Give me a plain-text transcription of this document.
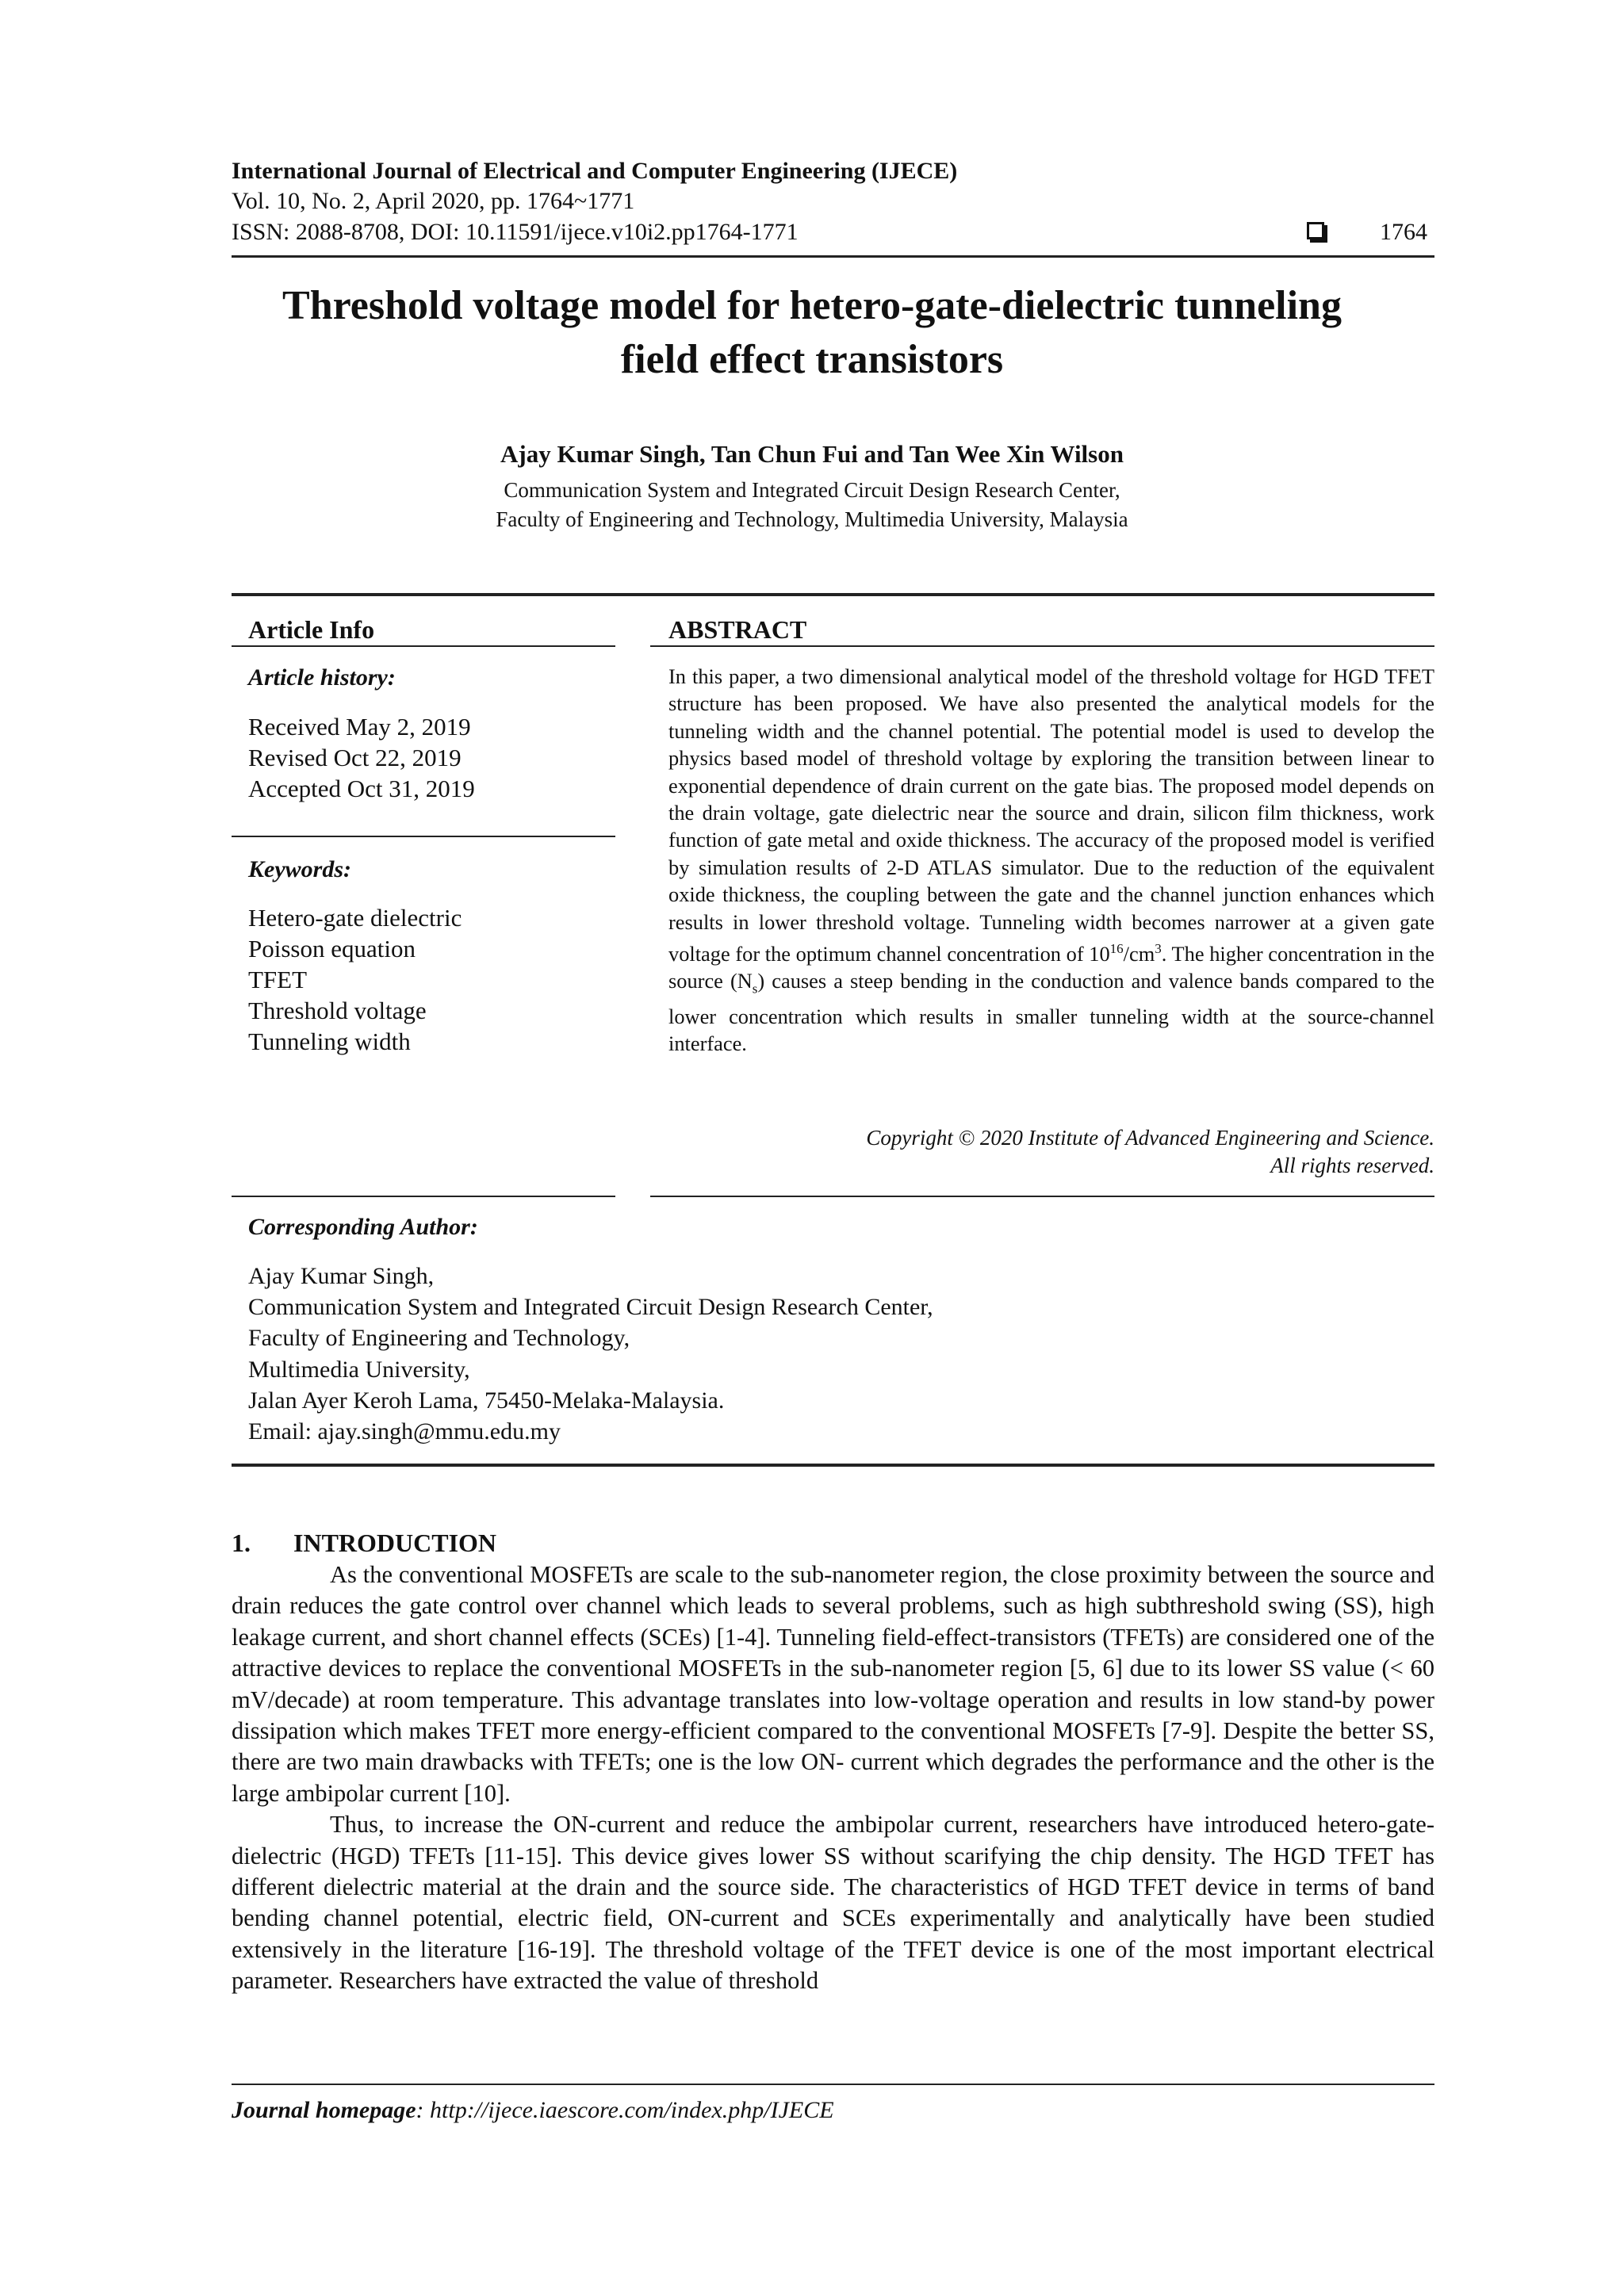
International Journal of Electrical and Computer Engineering (IJECE)
Vol. 10, No. 2, April 2020, pp. 1764~1771
ISSN: 2088-8708, DOI: 10.11591/ijece.v10i2.pp1764-1771	1764
Threshold voltage model for hetero-gate-dielectric tunneling
field effect transistors
Ajay Kumar Singh, Tan Chun Fui and Tan Wee Xin Wilson
Communication System and Integrated Circuit Design Research Center,
Faculty of Engineering and Technology, Multimedia University, Malaysia
Article Info
Article history:
Received May 2, 2019
Revised Oct 22, 2019
Accepted Oct 31, 2019
Keywords:
Hetero-gate dielectric
Poisson equation
TFET
Threshold voltage
Tunneling width
ABSTRACT

In this paper, a two dimensional analytical model of the threshold voltage for HGD TFET structure has been proposed. We have also presented the analytical models for the tunneling width and the channel potential. The potential model is used to develop the physics based model of threshold voltage by exploring the transition between linear to exponential dependence of drain current on the gate bias. The proposed model depends on the drain voltage, gate dielectric near the source and drain, silicon film thickness, work function of gate metal and oxide thickness. The accuracy of the proposed model is verified by simulation results of 2-D ATLAS simulator. Due to the reduction of the equivalent oxide thickness, the coupling between the gate and the channel junction enhances which results in lower threshold voltage. Tunneling width becomes narrower at a given gate voltage for the optimum channel concentration of $10^{16}/cm^3$. The higher concentration in the source $(N_s)$ causes a steep bending in the conduction and valence bands compared to the lower concentration which results in smaller tunneling width at the source-channel interface.

Copyright © 2020 Institute of Advanced Engineering and Science.
All rights reserved.
Corresponding Author:
Ajay Kumar Singh,
Communication System and Integrated Circuit Design Research Center,
Faculty of Engineering and Technology,
Multimedia University,
Jalan Ayer Keroh Lama, 75450-Melaka-Malaysia.
Email: ajay.singh@mmu.edu.my
1. INTRODUCTION

As the conventional MOSFETs are scale to the sub-nanometer region, the close proximity between the source and drain reduces the gate control over channel which leads to several problems, such as high subthreshold swing (SS), high leakage current, and short channel effects (SCEs) [1-4]. Tunneling field-effect-transistors (TFETs) are considered one of the attractive devices to replace the conventional MOSFETs in the sub-nanometer region [5, 6] due to its lower SS value (< 60 mV/decade) at room temperature. This advantage translates into low-voltage operation and results in low stand-by power dissipation which makes TFET more energy-efficient compared to the conventional MOSFETs [7-9]. Despite the better SS, there are two main drawbacks with TFETs; one is the low ON- current which degrades the performance and the other is the large ambipolar current [10].

Thus, to increase the ON-current and reduce the ambipolar current, researchers have introduced hetero-gate-dielectric (HGD) TFETs [11-15]. This device gives lower SS without scarifying the chip density. The HGD TFET has different dielectric material at the drain and the source side. The characteristics of HGD TFET device in terms of band bending channel potential, electric field, ON-current and SCEs experimentally and analytically have been studied extensively in the literature [16-19]. The threshold voltage of the TFET device is one of the most important electrical parameter. Researchers have extracted the value of threshold

Journal homepage: http://ijece.iaescore.com/index.php/IJECE
